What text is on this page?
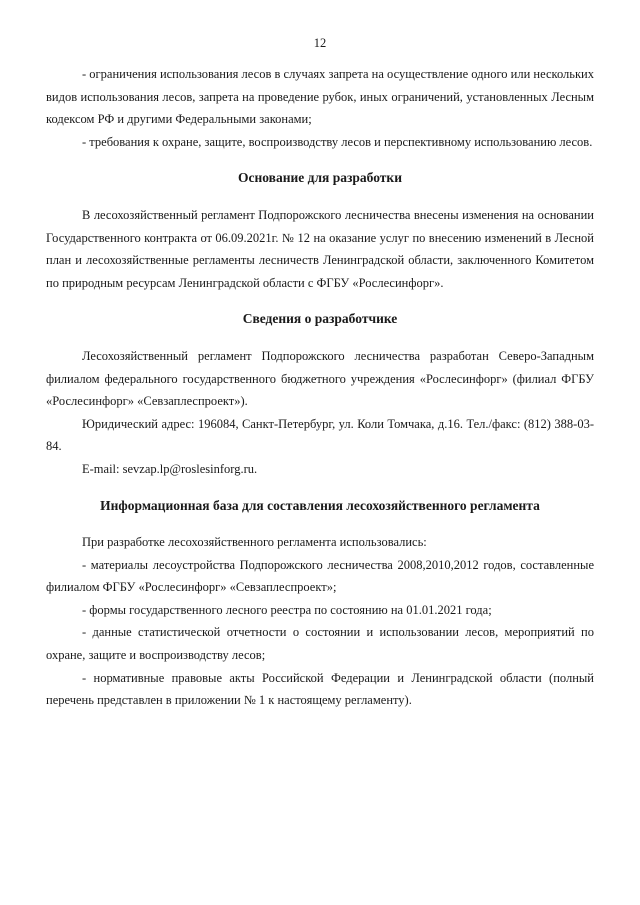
12

- ограничения использования лесов в случаях запрета на осуществление одного или нескольких видов использования лесов, запрета на проведение рубок, иных ограничений, установленных Лесным кодексом РФ и другими Федеральными законами;

- требования к охране, защите, воспроизводству лесов и перспективному использованию лесов.

Основание для разработки

В лесохозяйственный регламент Подпорожского лесничества внесены изменения на основании Государственного контракта от 06.09.2021г. № 12 на оказание услуг по внесению изменений в Лесной план и лесохозяйственные регламенты лесничеств Ленинградской области, заключенного Комитетом по природным ресурсам Ленинградской области с ФГБУ «Рослесинфорг».

Сведения о разработчике

Лесохозяйственный регламент Подпорожского лесничества разработан Северо-Западным филиалом федерального государственного бюджетного учреждения «Рослесинфорг» (филиал ФГБУ «Рослесинфорг» «Севзаплеспроект»).

Юридический адрес: 196084, Санкт-Петербург, ул. Коли Томчака, д.16. Тел./факс: (812) 388-03-84.

E-mail: sevzap.lp@roslesinforg.ru.

Информационная база для составления лесохозяйственного регламента

При разработке лесохозяйственного регламента использовались:

- материалы лесоустройства Подпорожского лесничества 2008,2010,2012 годов, составленные филиалом ФГБУ «Рослесинфорг» «Севзаплеспроект»;

- формы государственного лесного реестра по состоянию на 01.01.2021 года;

- данные статистической отчетности о состоянии и использовании лесов, мероприятий по охране, защите и воспроизводству лесов;

- нормативные правовые акты Российской Федерации и Ленинградской области (полный перечень представлен в приложении № 1 к настоящему регламенту).
